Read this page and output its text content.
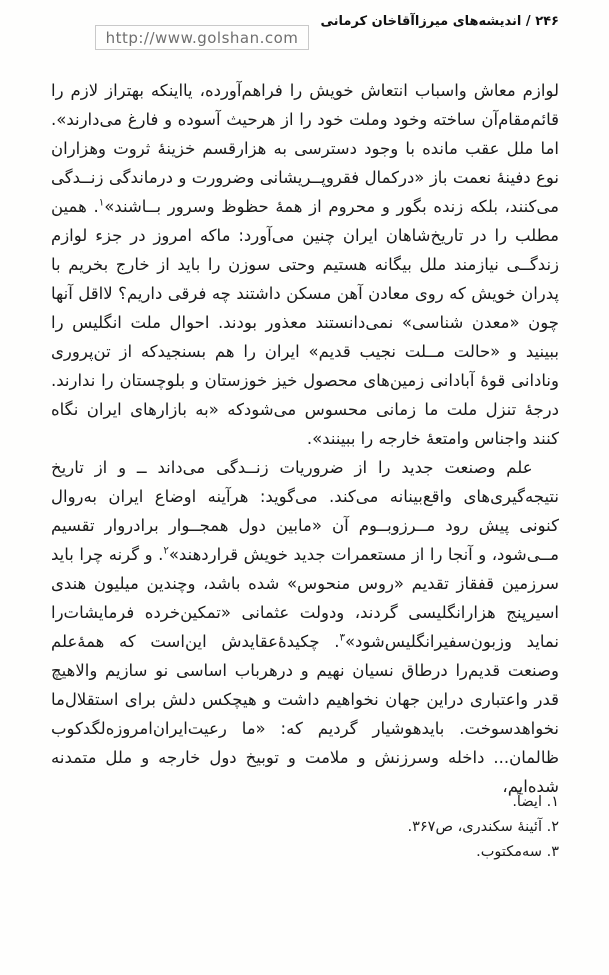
۲۴۶ / اندیشه‌های میرزاآقاخان کرمانی
http://www.golshan.com

لوازم معاش واسباب انتعاش خویش را فراهم‌آورده، یااینکه بهتراز لازم را قائم‌مقام‌آن ساخته وخود وملت خود را از هرحیث آسوده و فارغ می‌دارند». اما ملل عقب مانده با وجود دسترسی به هزارقسم خزینهٔ ثروت وهزاران نوع دفینهٔ نعمت باز «درکمال فقروپــریشانی وضرورت و درماندگی زنــدگی می‌کنند، بلکه زنده بگور و محروم از همهٔ حظوظ وسرور بــاشند»$^۱$. همین مطلب را در تاریخ‌شاهان ایران چنین می‌آورد: ماکه امروز در جزء لوازم زندگــی نیازمند ملل بیگانه هستیم وحتی سوزن را باید از خارج بخریم با پدران خویش که روی معادن آهن مسکن داشتند چه فرقی داریم؟ لااقل آنها چون «معدن شناسی» نمی‌دانستند معذور بودند. احوال ملت انگلیس را ببینید و «حالت مــلت نجیب قدیم» ایران را هم بسنجیدکه از تن‌پروری ونادانی قوهٔ آبادانی زمین‌های محصول خیز خوزستان و بلوچستان را ندارند. درجهٔ تنزل ملت ما زمانی محسوس می‌شودکه «به بازارهای ایران نگاه کنند واجناس وامتعهٔ خارجه را ببینند».

علم وصنعت جدید را از ضروریات زنــدگی می‌داند ــ و از تاریخ نتیجه‌گیری‌های واقع‌بینانه می‌کند. می‌گوید: هرآینه اوضاع ایران به‌روال کنونی پیش رود مــرزوبــوم آن «مابین دول همجــوار برادروار تقسیم مــی‌شود، و آنجا را از مستعمرات جدید خویش قراردهند»$^۲$. و گرنه چرا باید سرزمین قفقاز تقدیم «روس منحوس» شده باشد، وچندین میلیون هندی اسیرپنج هزارانگلیسی گردند، ودولت عثمانی «تمکین‌خرده فرمایشات‌را نماید وزبون‌سفیرانگلیس‌شود»$^۳$. چکیدهٔ‌عقایدش این‌است که همهٔ‌علم وصنعت قدیم‌را درطاق نسیان نهیم و درهرباب اساسی نو سازیم والاهیچ قدر واعتباری دراین جهان نخواهیم داشت و هیچکس دلش برای استقلال‌ما نخواهدسوخت. بایدهوشیار گردیم که: «ما رعیت‌ایران‌امروزه‌لگدکوب ظالمان... داخله وسرزنش و ملامت و توبیخ دول خارجه و ملل متمدنه شده‌ایم،

۱. ایضاً.
۲. آئینهٔ سکندری، ص۳۶۷.
۳. سه‌مکتوب.
